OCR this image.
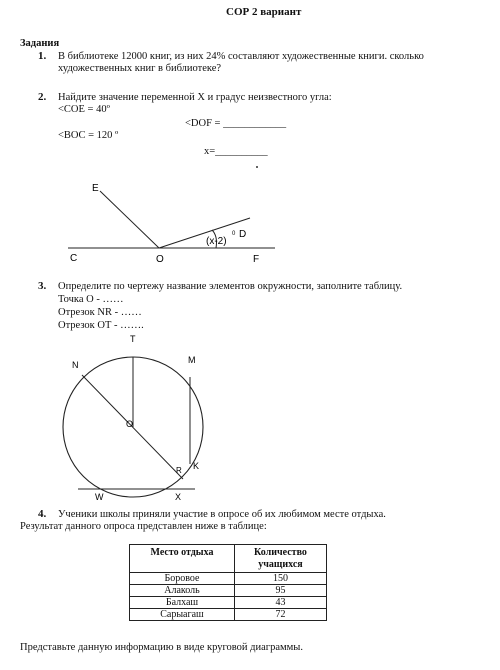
СОР 2 вариант
Задания
1. В библиотеке 12000 книг, из них 24% составляют художественные книги. сколько
художественных книг в библиотеке?
2. Найдите значение переменной X и градус неизвестного угла:
<COE = 40º
<DOF = ____________
<BOC = 120 º
x=__________
E
D
(x-2)
0
C	O	F
3. Определите по чертежу название элементов окружности, заполните таблицу.
Точка О - ……
Отрезок NR - ……
Отрезок ОТ - …….
T
M
N
O
R K
W	X
4. Ученики школы приняли участие в опросе об их любимом месте отдыха.
Результат данного опроса представлен ниже в таблице:
Место отдыха	Количество учащихся
Боровое	150
Алаколь	95
Балхаш	43
Сарыагаш	72
Представьте данную информацию в виде круговой диаграммы.
